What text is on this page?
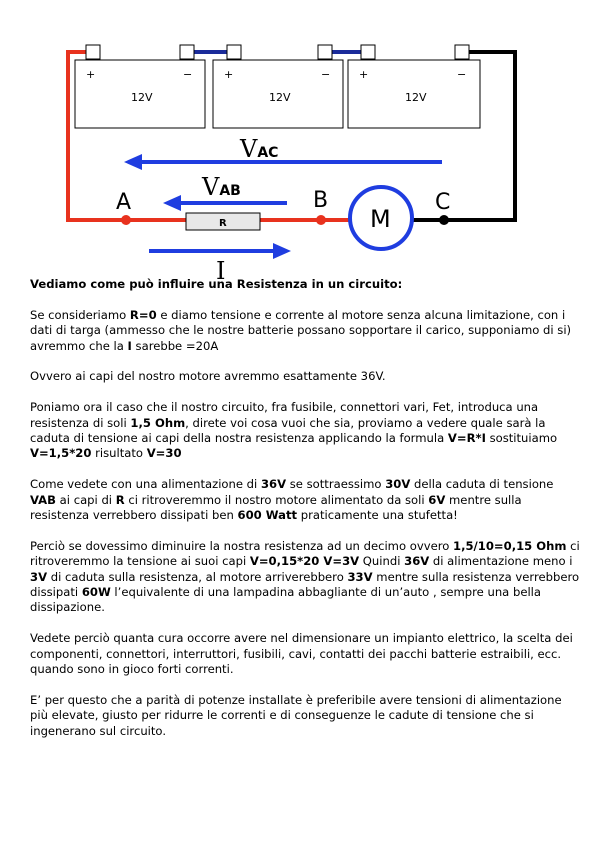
+	−
12V
+	−
12V
+	−
12V
VAC
VAB
A	B	C
R	M
I

Vediamo come può influire una Resistenza in un circuito:

Se consideriamo R=0 e diamo tensione e corrente al motore senza alcuna limitazione, con i dati di targa (ammesso che le nostre batterie possano sopportare il carico, supponiamo di si) avremmo che la I sarebbe =20A

Ovvero ai capi del nostro motore avremmo esattamente 36V.

Poniamo ora il caso che il nostro circuito, fra fusibile, connettori vari, Fet, introduca una resistenza di soli 1,5 Ohm, direte voi cosa vuoi che sia, proviamo a vedere quale sarà la caduta di tensione ai capi della nostra resistenza applicando la formula V=R*I sostituiamo V=1,5*20 risultato V=30

Come vedete con una alimentazione di 36V se sottraessimo 30V della caduta di tensione VAB ai capi di R ci ritroveremmo il nostro motore alimentato da soli 6V mentre sulla resistenza verrebbero dissipati ben 600 Watt praticamente una stufetta!

Perciò se dovessimo diminuire la nostra resistenza ad un decimo ovvero 1,5/10=0,15 Ohm ci ritroveremmo la tensione ai suoi capi V=0,15*20 V=3V Quindi 36V di alimentazione meno i 3V di caduta sulla resistenza, al motore arriverebbero 33V mentre sulla resistenza verrebbero dissipati 60W l’equivalente di una lampadina abbagliante di un’auto , sempre una bella dissipazione.

Vedete perciò quanta cura occorre avere nel dimensionare un impianto elettrico, la scelta dei componenti, connettori, interruttori, fusibili, cavi, contatti dei pacchi batterie estraibili, ecc. quando sono in gioco forti correnti.

E’ per questo che a parità di potenze installate è preferibile avere tensioni di alimentazione più elevate, giusto per ridurre le correnti e di conseguenze le cadute di tensione che si ingenerano sul circuito.
